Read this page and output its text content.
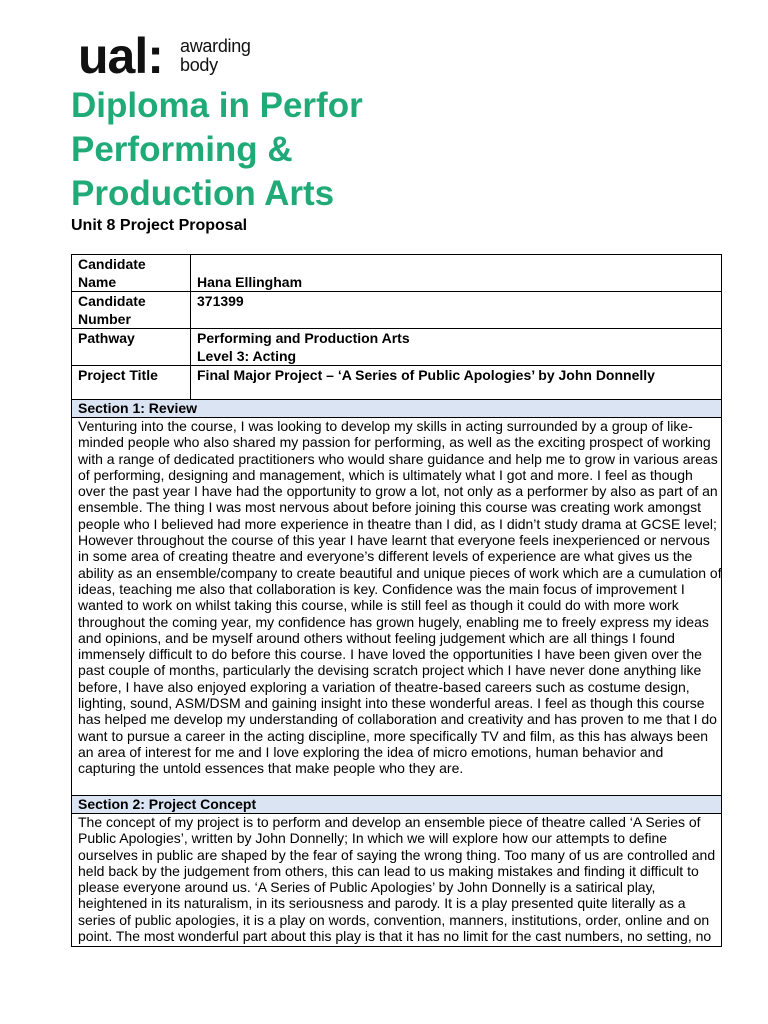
ual: awarding
body
Diploma in Perfor
Performing &
Production Arts
Unit 8 Project Proposal
Candidate
Name	Hana Ellingham
Candidate
Number	371399
Pathway	Performing and Production Arts
Level 3: Acting
Project Title	Final Major Project – ‘A Series of Public Apologies’ by John Donnelly
Section 1: Review
Venturing into the course, I was looking to develop my skills in acting surrounded by a group of like-
minded people who also shared my passion for performing, as well as the exciting prospect of working
with a range of dedicated practitioners who would share guidance and help me to grow in various areas
of performing, designing and management, which is ultimately what I got and more. I feel as though
over the past year I have had the opportunity to grow a lot, not only as a performer by also as part of an
ensemble. The thing I was most nervous about before joining this course was creating work amongst
people who I believed had more experience in theatre than I did, as I didn’t study drama at GCSE level;
However throughout the course of this year I have learnt that everyone feels inexperienced or nervous
in some area of creating theatre and everyone’s different levels of experience are what gives us the
ability as an ensemble/company to create beautiful and unique pieces of work which are a cumulation of
ideas, teaching me also that collaboration is key. Confidence was the main focus of improvement I
wanted to work on whilst taking this course, while is still feel as though it could do with more work
throughout the coming year, my confidence has grown hugely, enabling me to freely express my ideas
and opinions, and be myself around others without feeling judgement which are all things I found
immensely difficult to do before this course. I have loved the opportunities I have been given over the
past couple of months, particularly the devising scratch project which I have never done anything like
before, I have also enjoyed exploring a variation of theatre-based careers such as costume design,
lighting, sound, ASM/DSM and gaining insight into these wonderful areas. I feel as though this course
has helped me develop my understanding of collaboration and creativity and has proven to me that I do
want to pursue a career in the acting discipline, more specifically TV and film, as this has always been
an area of interest for me and I love exploring the idea of micro emotions, human behavior and
capturing the untold essences that make people who they are.
Section 2: Project Concept
The concept of my project is to perform and develop an ensemble piece of theatre called ‘A Series of
Public Apologies’, written by John Donnelly; In which we will explore how our attempts to define
ourselves in public are shaped by the fear of saying the wrong thing. Too many of us are controlled and
held back by the judgement from others, this can lead to us making mistakes and finding it difficult to
please everyone around us. ‘A Series of Public Apologies’ by John Donnelly is a satirical play,
heightened in its naturalism, in its seriousness and parody. It is a play presented quite literally as a
series of public apologies, it is a play on words, convention, manners, institutions, order, online and on
point. The most wonderful part about this play is that it has no limit for the cast numbers, no setting, no
